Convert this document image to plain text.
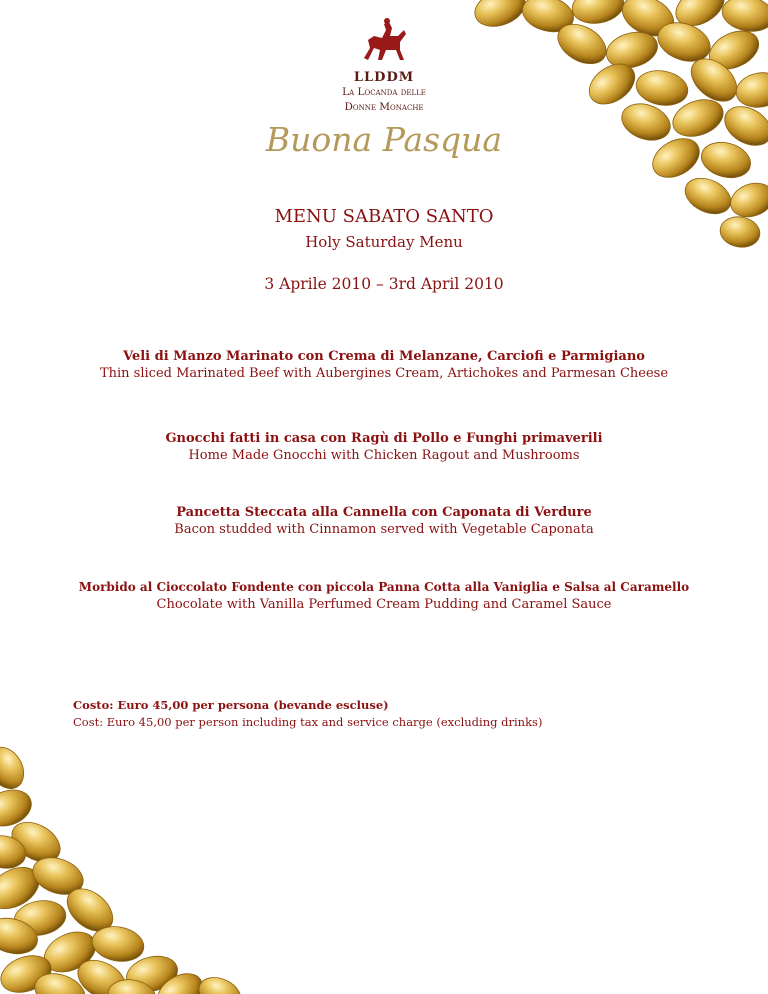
LLDDM
La Locanda delle
Donne Monache
Buona Pasqua
MENU SABATO SANTO
Holy Saturday Menu
3 Aprile 2010 – 3rd April 2010
Veli di Manzo Marinato con Crema di Melanzane, Carciofi e Parmigiano
Thin sliced Marinated Beef with Aubergines Cream, Artichokes and Parmesan Cheese
Gnocchi fatti in casa con Ragù di Pollo e Funghi primaverili
Home Made Gnocchi with Chicken Ragout and Mushrooms
Pancetta Steccata alla Cannella con Caponata di Verdure
Bacon studded with Cinnamon served with Vegetable Caponata
Morbido al Cioccolato Fondente con piccola Panna Cotta alla Vaniglia e Salsa al Caramello
Chocolate with Vanilla Perfumed Cream Pudding and Caramel Sauce
Costo: Euro 45,00 per persona (bevande escluse)
Cost: Euro 45,00 per person including tax and service charge (excluding drinks)
